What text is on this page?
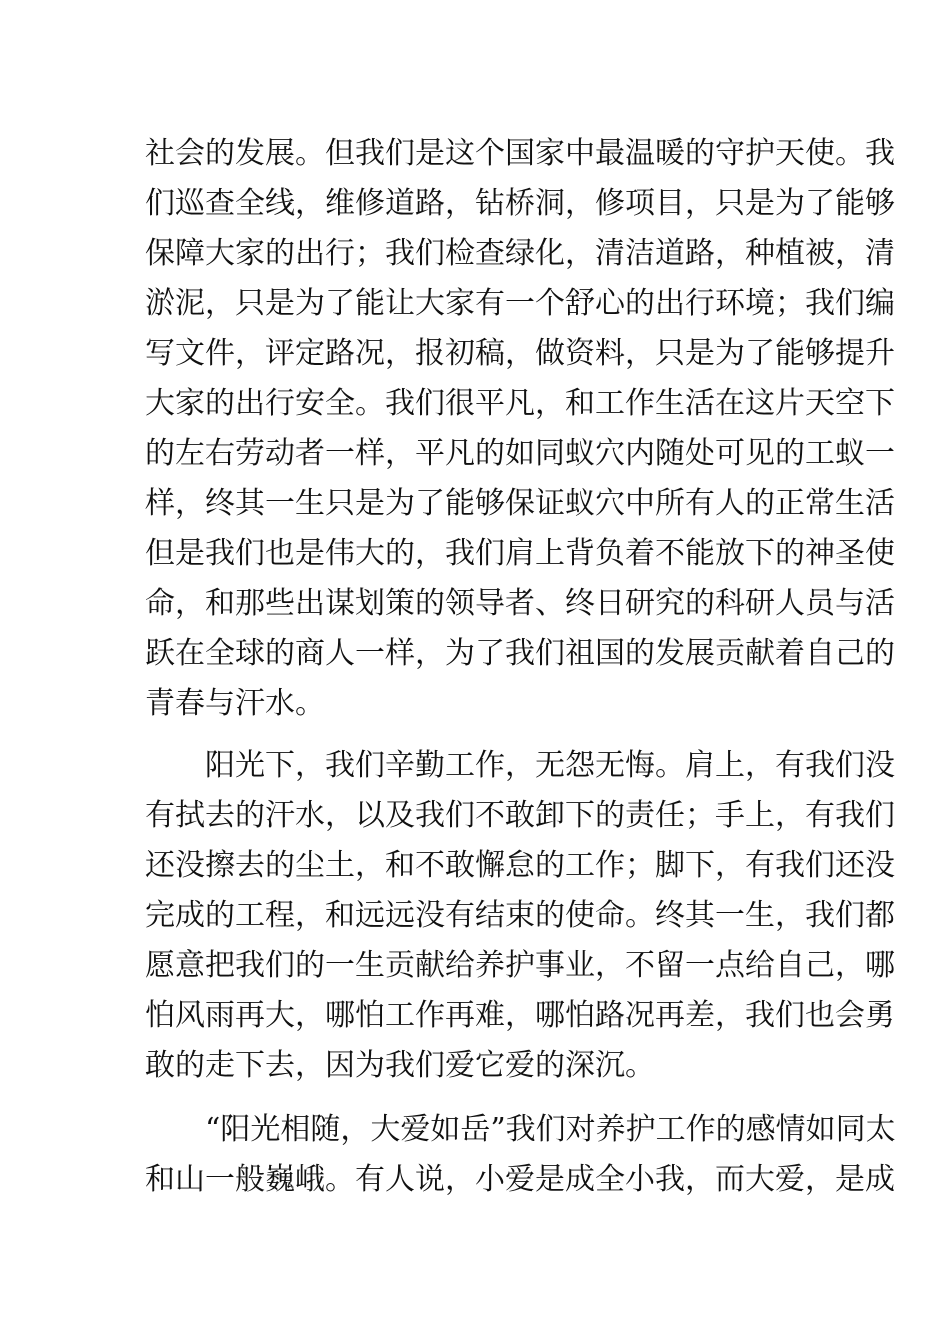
社会的发展。但我们是这个国家中最温暖的守护天使。我
们巡查全线，维修道路，钻桥洞，修项目，只是为了能够
保障大家的出行；我们检查绿化，清洁道路，种植被，清
淤泥，只是为了能让大家有一个舒心的出行环境；我们编
写文件，评定路况，报初稿，做资料，只是为了能够提升
大家的出行安全。我们很平凡，和工作生活在这片天空下
的左右劳动者一样，平凡的如同蚁穴内随处可见的工蚁一
样，终其一生只是为了能够保证蚁穴中所有人的正常生活
但是我们也是伟大的，我们肩上背负着不能放下的神圣使
命，和那些出谋划策的领导者、终日研究的科研人员与活
跃在全球的商人一样，为了我们祖国的发展贡献着自己的
青春与汗水。
阳光下，我们辛勤工作，无怨无悔。肩上，有我们没
有拭去的汗水，以及我们不敢卸下的责任；手上，有我们
还没擦去的尘土，和不敢懈怠的工作；脚下，有我们还没
完成的工程，和远远没有结束的使命。终其一生，我们都
愿意把我们的一生贡献给养护事业，不留一点给自己，哪
怕风雨再大，哪怕工作再难，哪怕路况再差，我们也会勇
敢的走下去，因为我们爱它爱的深沉。
“阳光相随，大爱如岳”我们对养护工作的感情如同太
和山一般巍峨。有人说，小爱是成全小我，而大爱，是成
